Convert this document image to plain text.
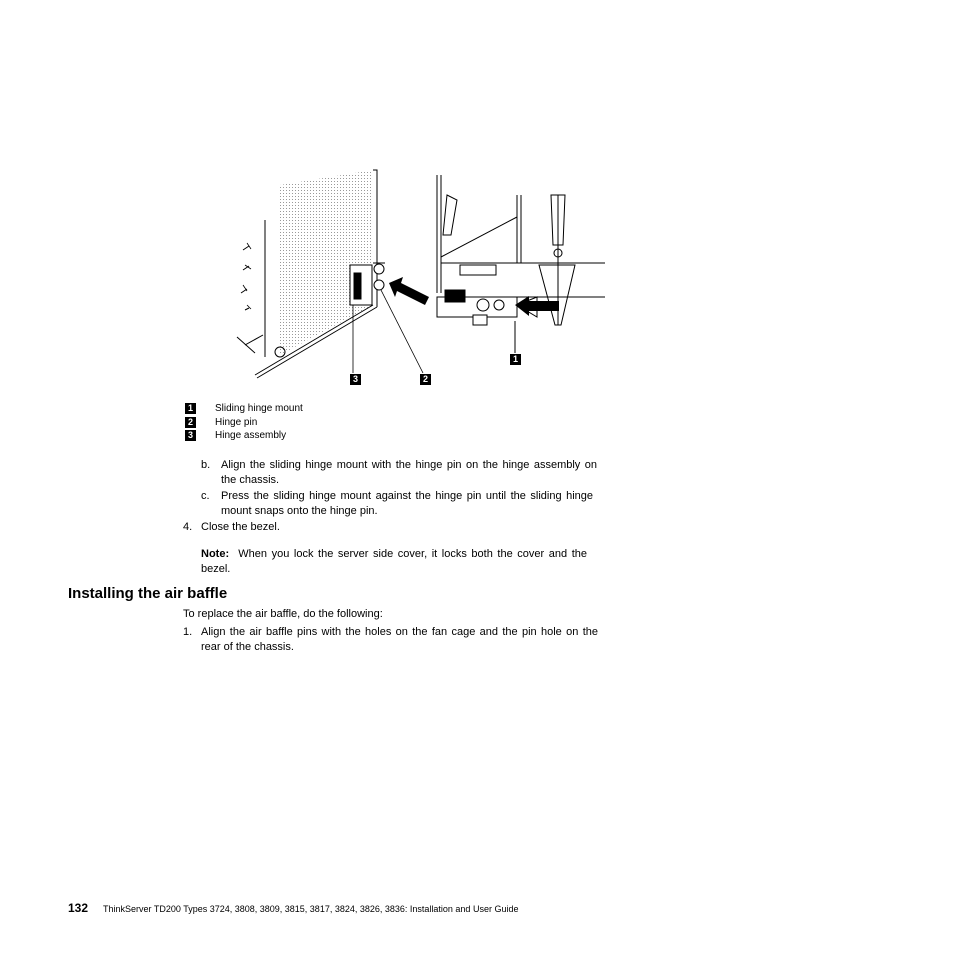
1
2
3
1	Sliding hinge mount
2	Hinge pin
3	Hinge assembly
b. Align the sliding hinge mount with the hinge pin on the hinge assembly on the chassis.
c. Press the sliding hinge mount against the hinge pin until the sliding hinge mount snaps onto the hinge pin.
4. Close the bezel.
Note: When you lock the server side cover, it locks both the cover and the bezel.
Installing the air baffle
To replace the air baffle, do the following:
1. Align the air baffle pins with the holes on the fan cage and the pin hole on the rear of the chassis.
132 ThinkServer TD200 Types 3724, 3808, 3809, 3815, 3817, 3824, 3826, 3836: Installation and User Guide
